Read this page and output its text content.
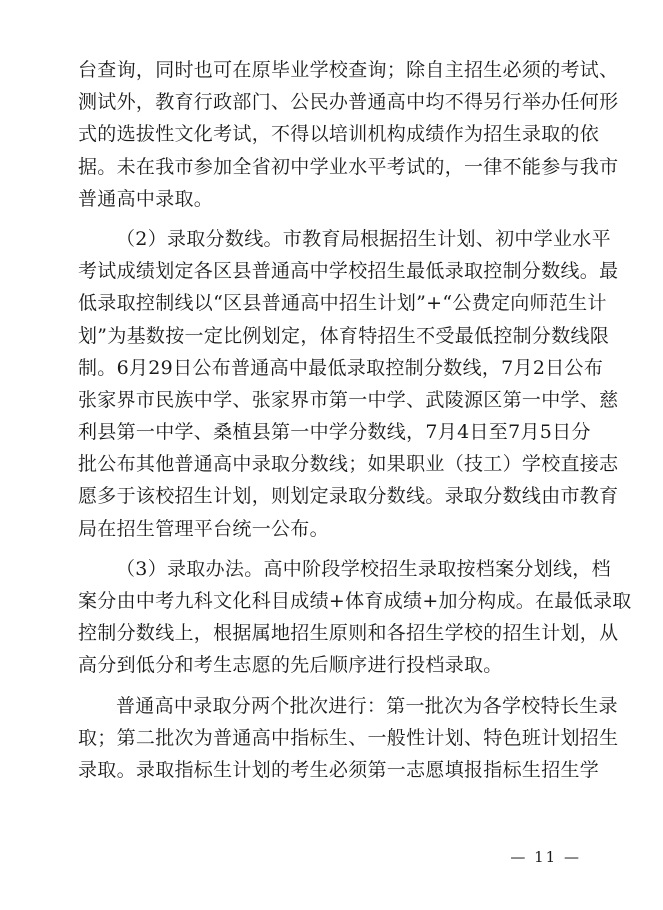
台查询，同时也可在原毕业学校查询；除自主招生必须的考试、
测试外，教育行政部门、公民办普通高中均不得另行举办任何形
式的选拔性文化考试，不得以培训机构成绩作为招生录取的依
据。未在我市参加全省初中学业水平考试的，一律不能参与我市
普通高中录取。
（2）录取分数线。市教育局根据招生计划、初中学业水平
考试成绩划定各区县普通高中学校招生最低录取控制分数线。最
低录取控制线以“区县普通高中招生计划”+“公费定向师范生计
划”为基数按一定比例划定，体育特招生不受最低控制分数线限
制。6月29日公布普通高中最低录取控制分数线，7月2日公布
张家界市民族中学、张家界市第一中学、武陵源区第一中学、慈
利县第一中学、桑植县第一中学分数线，7月4日至7月5日分
批公布其他普通高中录取分数线；如果职业（技工）学校直接志
愿多于该校招生计划，则划定录取分数线。录取分数线由市教育
局在招生管理平台统一公布。
（3）录取办法。高中阶段学校招生录取按档案分划线，档
案分由中考九科文化科目成绩+体育成绩+加分构成。在最低录取
控制分数线上，根据属地招生原则和各招生学校的招生计划，从
高分到低分和考生志愿的先后顺序进行投档录取。
普通高中录取分两个批次进行：第一批次为各学校特长生录
取；第二批次为普通高中指标生、一般性计划、特色班计划招生
录取。录取指标生计划的考生必须第一志愿填报指标生招生学
— 11 —
